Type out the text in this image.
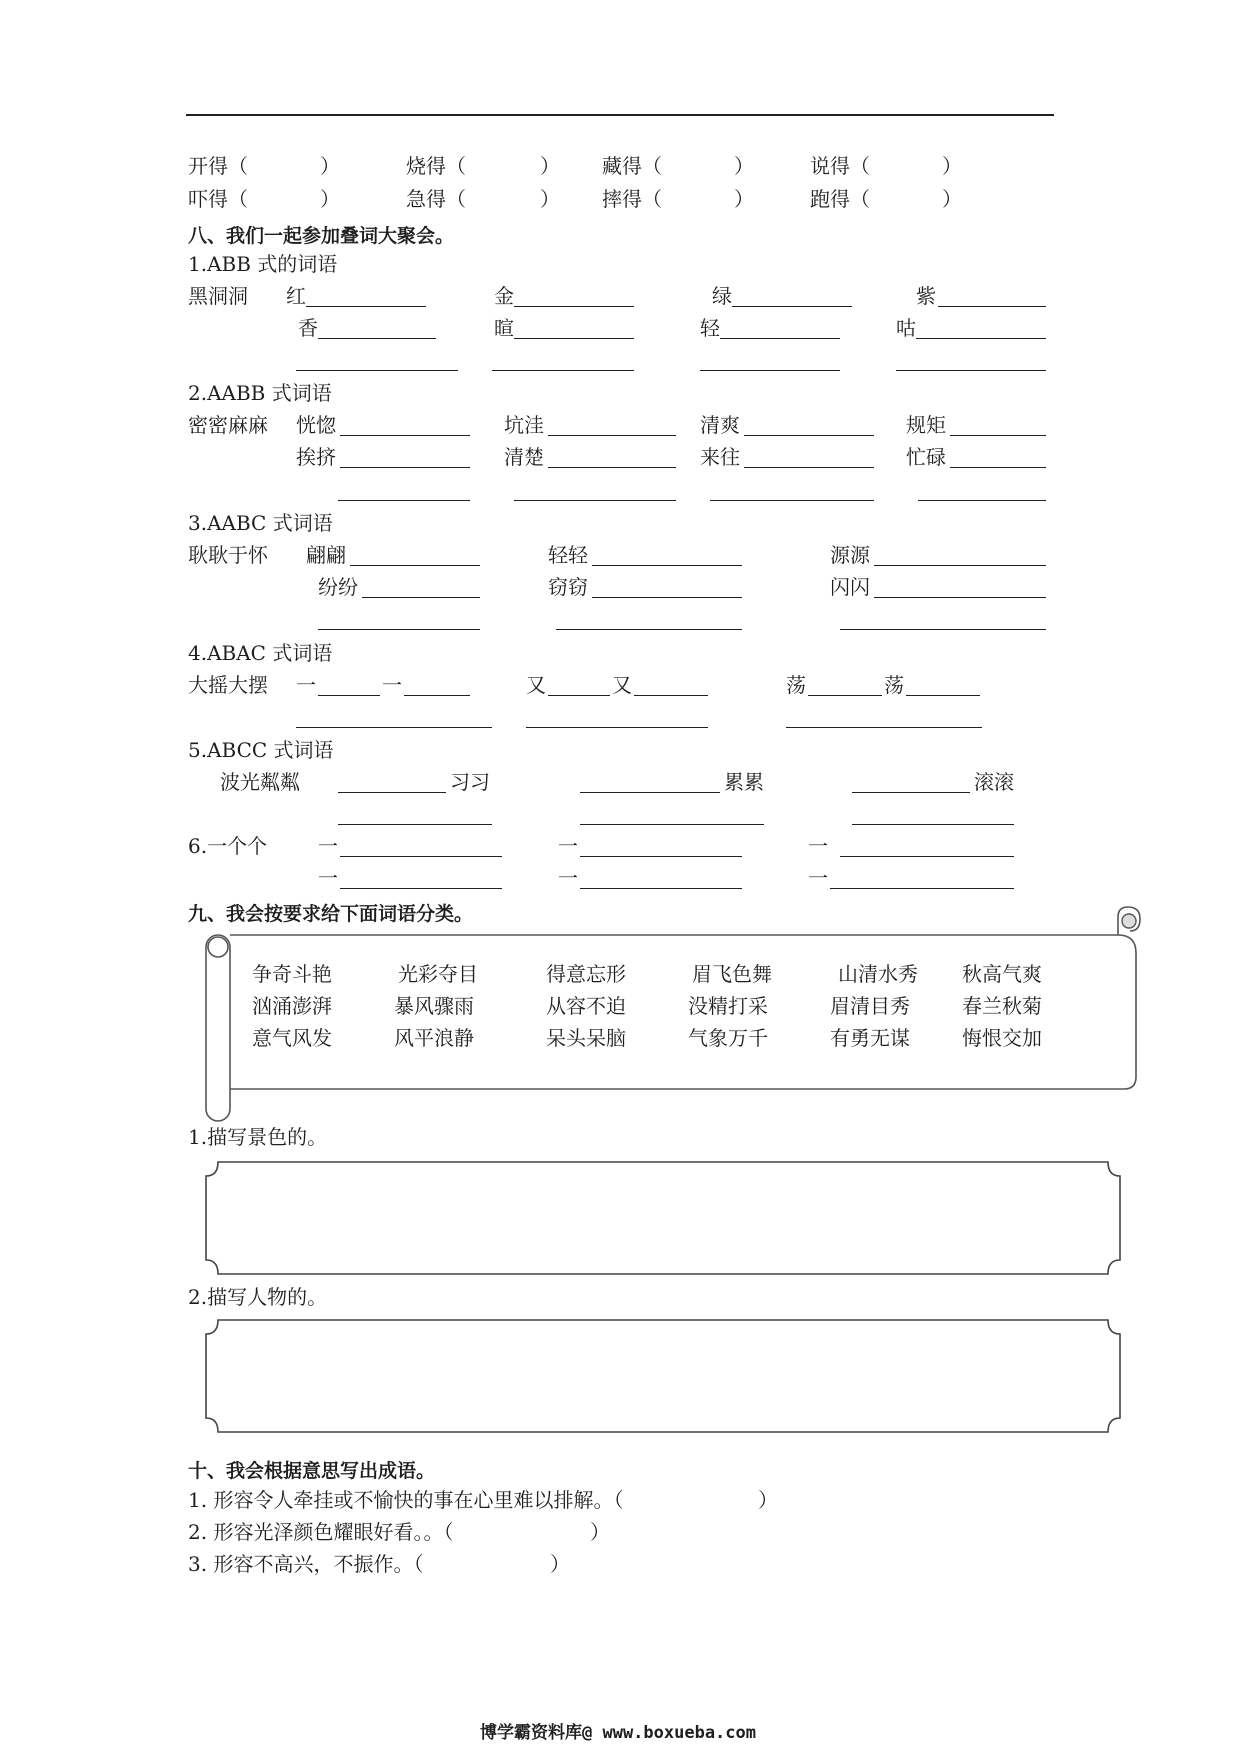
开得（	）	烧得（	） 藏得（	）	说得（	）
吓得（	）	急得（	） 摔得（	）	跑得（	）
八、我们一起参加叠词大聚会。
1.ABB 式的词语
黑洞洞 红	金	绿	紫
香	暄	轻	咕
2.AABB 式词语
密密麻麻 恍惚	坑洼	清爽	规矩
挨挤	清楚	来往	忙碌
3.AABC 式词语
耿耿于怀 翩翩	轻轻	源源
纷纷	窃窃	闪闪
4.ABAC 式词语
大摇大摆 一	一	又	又	荡	荡
5.ABCC 式词语
波光粼粼	习习	累累	滚滚
6.一个个	一	一	一
一	一	一
九、我会按要求给下面词语分类。
争奇斗艳	光彩夺目	得意忘形	眉飞色舞	山清水秀 秋高气爽
汹涌澎湃	暴风骤雨	从容不迫	没精打采	眉清目秀	春兰秋菊
意气风发	风平浪静	呆头呆脑	气象万千	有勇无谋	悔恨交加
1.描写景色的。
2.描写人物的。
十、我会根据意思写出成语。
1. 形容令人牵挂或不愉快的事在心里难以排解。（	）
2. 形容光泽颜色耀眼好看。。（	）
3. 形容不高兴，不振作。（	）
博学霸资料库@ www.boxueba.com
